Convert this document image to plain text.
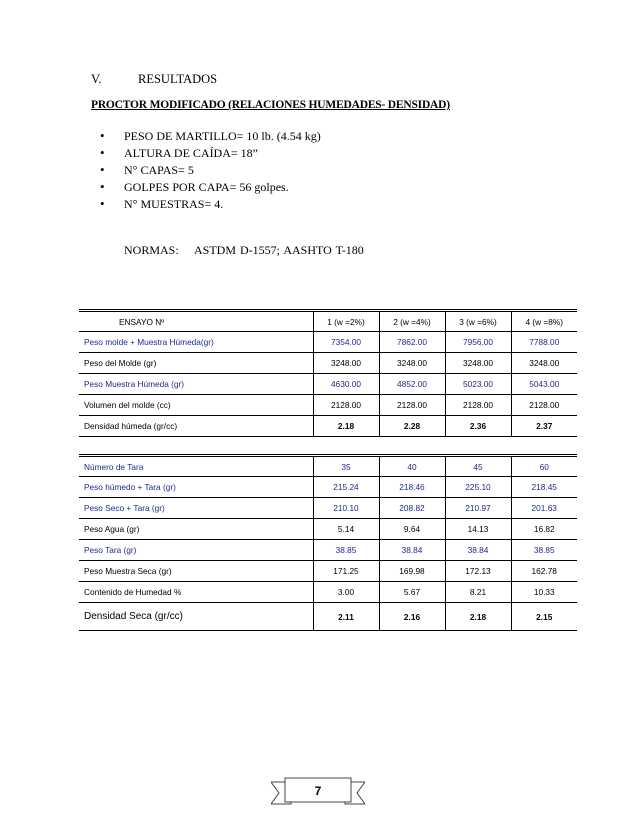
V.	RESULTADOS
PROCTOR MODIFICADO (RELACIONES HUMEDADES- DENSIDAD)
• PESO DE MARTILLO= 10 lb. (4.54 kg)
• ALTURA DE CAÍDA= 18”
• N° CAPAS= 5
• GOLPES POR CAPA= 56 golpes.
• N° MUESTRAS= 4.
NORMAS: ASTDM D-1557; AASHTO T-180
ENSAYO Nº	1 (w =2%)	2 (w =4%)	3 (w =6%)	4 (w =8%)
Peso molde + Muestra Húmeda(gr)	7354.00	7862.00	7956.00	7788.00
Peso del Molde (gr)	3248.00	3248.00	3248.00	3248.00
Peso Muestra Húmeda (gr)	4630.00	4852.00	5023.00	5043.00
Volumen del molde (cc)	2128.00	2128.00	2128.00	2128.00
Densidad húmeda (gr/cc)	2.18	2.28	2.36	2.37
Número de Tara	35	40	45	60
Peso húmedo + Tara (gr)	215.24	218.46	225.10	218.45
Peso Seco + Tara (gr)	210.10	208.82	210.97	201.63
Peso Agua (gr)	5.14	9.64	14.13	16.82
Peso Tara (gr)	38.85	38.84	38.84	38.85
Peso Muestra Seca (gr)	171.25	169.98	172.13	162.78
Contenido de Humedad %	3.00	5.67	8.21	10.33
Densidad Seca (gr/cc)	2.11	2.16	2.18	2.15
7
